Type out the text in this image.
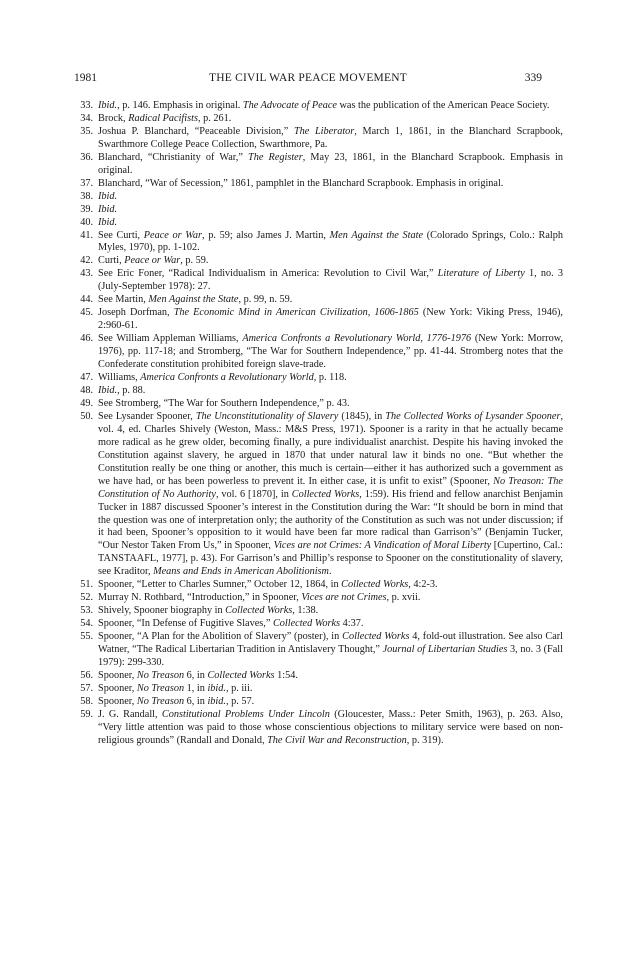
1981	THE CIVIL WAR PEACE MOVEMENT	339
33. Ibid., p. 146. Emphasis in original. The Advocate of Peace was the publication of the American Peace Society.
34. Brock, Radical Pacifists, p. 261.
35. Joshua P. Blanchard, “Peaceable Division,” The Liberator, March 1, 1861, in the Blanchard Scrapbook, Swarthmore College Peace Collection, Swarthmore, Pa.
36. Blanchard, “Christianity of War,” The Register, May 23, 1861, in the Blanchard Scrapbook. Emphasis in original.
37. Blanchard, “War of Secession,” 1861, pamphlet in the Blanchard Scrapbook. Emphasis in original.
38. Ibid.
39. Ibid.
40. Ibid.
41. See Curti, Peace or War, p. 59; also James J. Martin, Men Against the State (Colorado Springs, Colo.: Ralph Myles, 1970), pp. 1-102.
42. Curti, Peace or War, p. 59.
43. See Eric Foner, “Radical Individualism in America: Revolution to Civil War,” Literature of Liberty 1, no. 3 (July-September 1978): 27.
44. See Martin, Men Against the State, p. 99, n. 59.
45. Joseph Dorfman, The Economic Mind in American Civilization, 1606-1865 (New York: Viking Press, 1946), 2:960-61.
46. See William Appleman Williams, America Confronts a Revolutionary World, 1776-1976 (New York: Morrow, 1976), pp. 117-18; and Stromberg, “The War for Southern Independence,” pp. 41-44. Stromberg notes that the Confederate constitution prohibited foreign slave-trade.
47. Williams, America Confronts a Revolutionary World, p. 118.
48. Ibid., p. 88.
49. See Stromberg, “The War for Southern Independence,” p. 43.
50. See Lysander Spooner, The Unconstitutionality of Slavery (1845), in The Collected Works of Lysander Spooner, vol. 4, ed. Charles Shively (Weston, Mass.: M&S Press, 1971). Spooner is a rarity in that he actually became more radical as he grew older, becoming finally, a pure individualist anarchist. Despite his having invoked the Constitution against slavery, he argued in 1870 that under natural law it binds no one. “But whether the Constitution really be one thing or another, this much is certain—either it has authorized such a government as we have had, or has been powerless to prevent it. In either case, it is unfit to exist” (Spooner, No Treason: The Constitution of No Authority, vol. 6 [1870], in Collected Works, 1:59). His friend and fellow anarchist Benjamin Tucker in 1887 discussed Spooner’s interest in the Constitution during the War: “It should be born in mind that the question was one of interpretation only; the authority of the Constitution as such was not under discussion; if it had been, Spooner’s opposition to it would have been far more radical than Garrison’s” (Benjamin Tucker, “Our Nestor Taken From Us,” in Spooner, Vices are not Crimes: A Vindication of Moral Liberty [Cupertino, Cal.: TANSTAAFL, 1977], p. 43). For Garrison’s and Phillip’s response to Spooner on the constitutionality of slavery, see Kraditor, Means and Ends in American Abolitionism.
51. Spooner, “Letter to Charles Sumner,” October 12, 1864, in Collected Works, 4:2-3.
52. Murray N. Rothbard, “Introduction,” in Spooner, Vices are not Crimes, p. xvii.
53. Shively, Spooner biography in Collected Works, 1:38.
54. Spooner, “In Defense of Fugitive Slaves,” Collected Works 4:37.
55. Spooner, “A Plan for the Abolition of Slavery” (poster), in Collected Works 4, fold-out illustration. See also Carl Watner, “The Radical Libertarian Tradition in Antislavery Thought,” Journal of Libertarian Studies 3, no. 3 (Fall 1979): 299-330.
56. Spooner, No Treason 6, in Collected Works 1:54.
57. Spooner, No Treason 1, in ibid., p. iii.
58. Spooner, No Treason 6, in ibid., p. 57.
59. J. G. Randall, Constitutional Problems Under Lincoln (Gloucester, Mass.: Peter Smith, 1963), p. 263. Also, “Very little attention was paid to those whose conscientious objections to military service were based on non-religious grounds” (Randall and Donald, The Civil War and Reconstruction, p. 319).
